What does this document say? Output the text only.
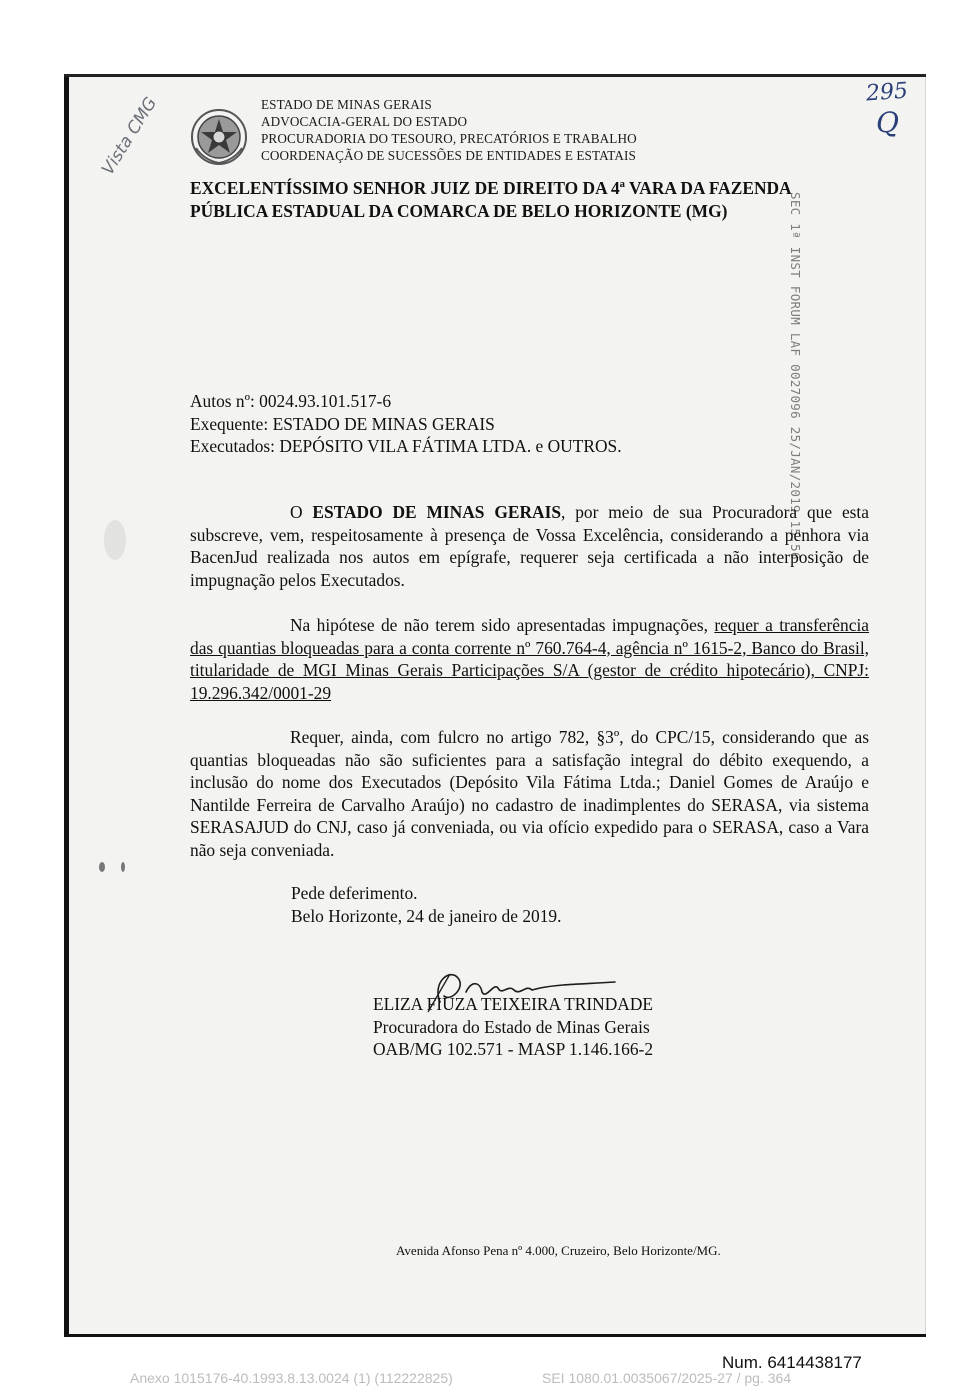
ESTADO DE MINAS GERAIS
ADVOCACIA-GERAL DO ESTADO
PROCURADORIA DO TESOURO, PRECATÓRIOS E TRABALHO
COORDENAÇÃO DE SUCESSÕES DE ENTIDADES E ESTATAIS
295
Q
Vista CMG
EXCELENTÍSSIMO SENHOR JUIZ DE DIREITO DA 4ª VARA DA FAZENDA
PÚBLICA ESTADUAL DA COMARCA DE BELO HORIZONTE (MG)	SEC 1ª INST FORUM LAF 0027096 25/JAN/2019 15:56
Autos nº: 0024.93.101.517-6
Exequente: ESTADO DE MINAS GERAIS
Executados: DEPÓSITO VILA FÁTIMA LTDA. e OUTROS.
O ESTADO DE MINAS GERAIS, por meio de sua Procuradora que esta subscreve, vem, respeitosamente à presença de Vossa Excelência, considerando a penhora via BacenJud realizada nos autos em epígrafe, requerer seja certificada a não interposição de impugnação pelos Executados.
Na hipótese de não terem sido apresentadas impugnações, requer a transferência das quantias bloqueadas para a conta corrente nº 760.764-4, agência nº 1615-2, Banco do Brasil, titularidade de MGI Minas Gerais Participações S/A (gestor de crédito hipotecário), CNPJ: 19.296.342/0001-29
Requer, ainda, com fulcro no artigo 782, §3º, do CPC/15, considerando que as quantias bloqueadas não são suficientes para a satisfação integral do débito exequendo, a inclusão do nome dos Executados (Depósito Vila Fátima Ltda.; Daniel Gomes de Araújo e Nantilde Ferreira de Carvalho Araújo) no cadastro de inadimplentes do SERASA, via sistema SERASAJUD do CNJ, caso já conveniada, ou via ofício expedido para o SERASA, caso a Vara não seja conveniada.
Pede deferimento.
Belo Horizonte, 24 de janeiro de 2019.
ELIZA FIUZA TEIXEIRA TRINDADE
Procuradora do Estado de Minas Gerais
OAB/MG 102.571 - MASP 1.146.166-2
Avenida Afonso Pena nº 4.000, Cruzeiro, Belo Horizonte/MG.
Num. 6414438177
Anexo 1015176-40.1993.8.13.0024 (1) (112222825)	SEI 1080.01.0035067/2025-27 / pg. 364
